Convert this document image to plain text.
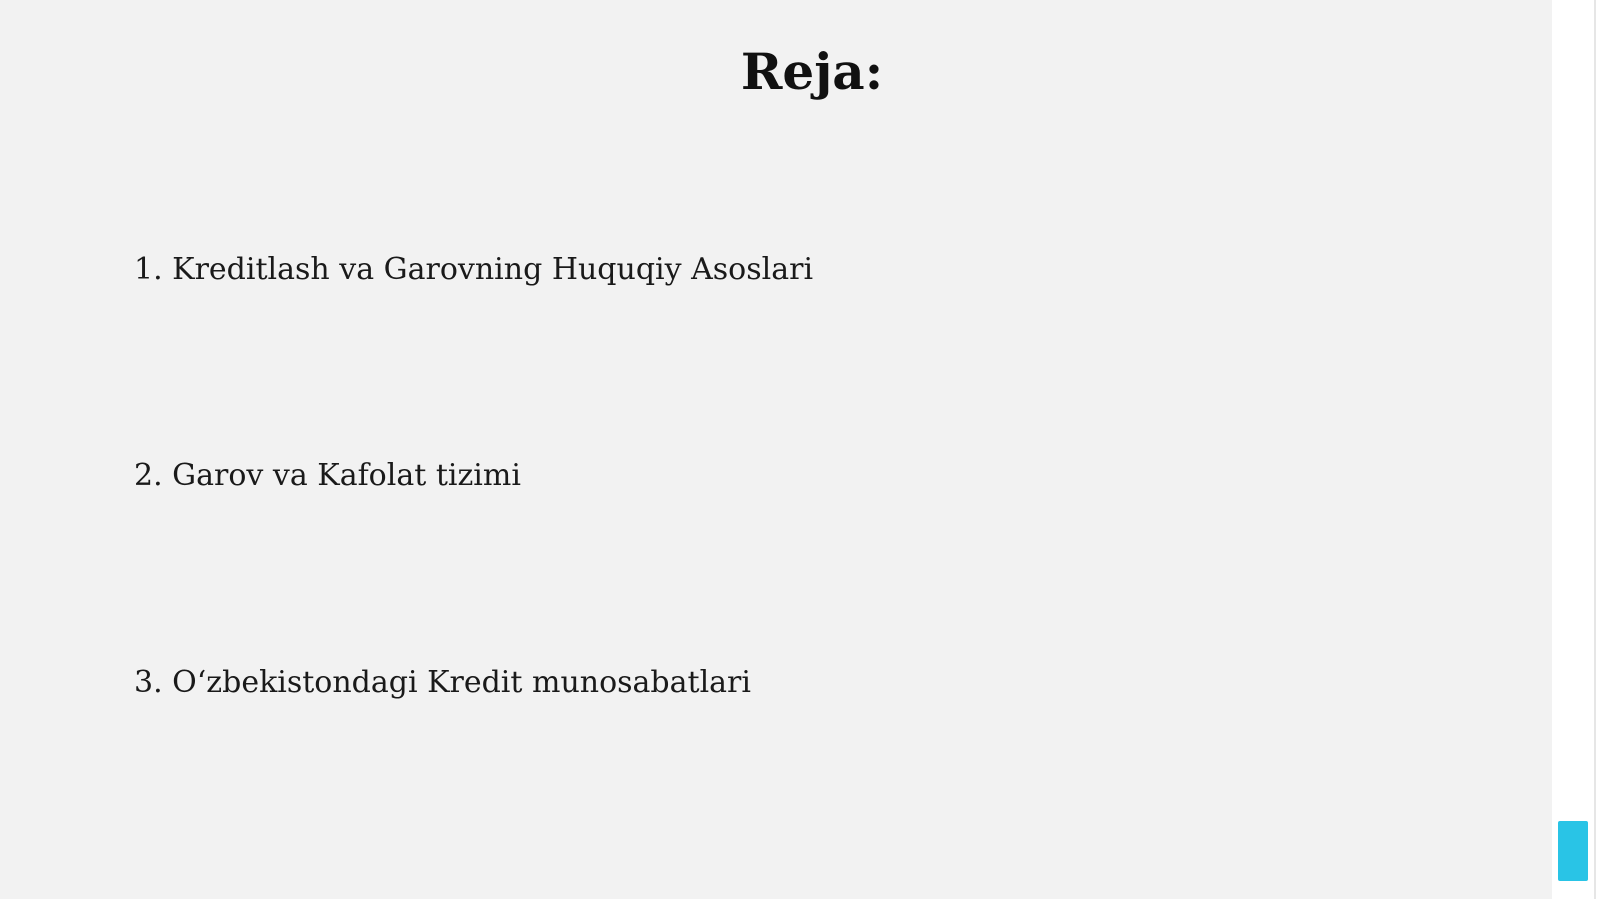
Reja:
1. Kreditlash va Garovning Huquqiy Asoslari
2. Garov va Kafolat tizimi
3. O‘zbekistondagi Kredit munosabatlari
